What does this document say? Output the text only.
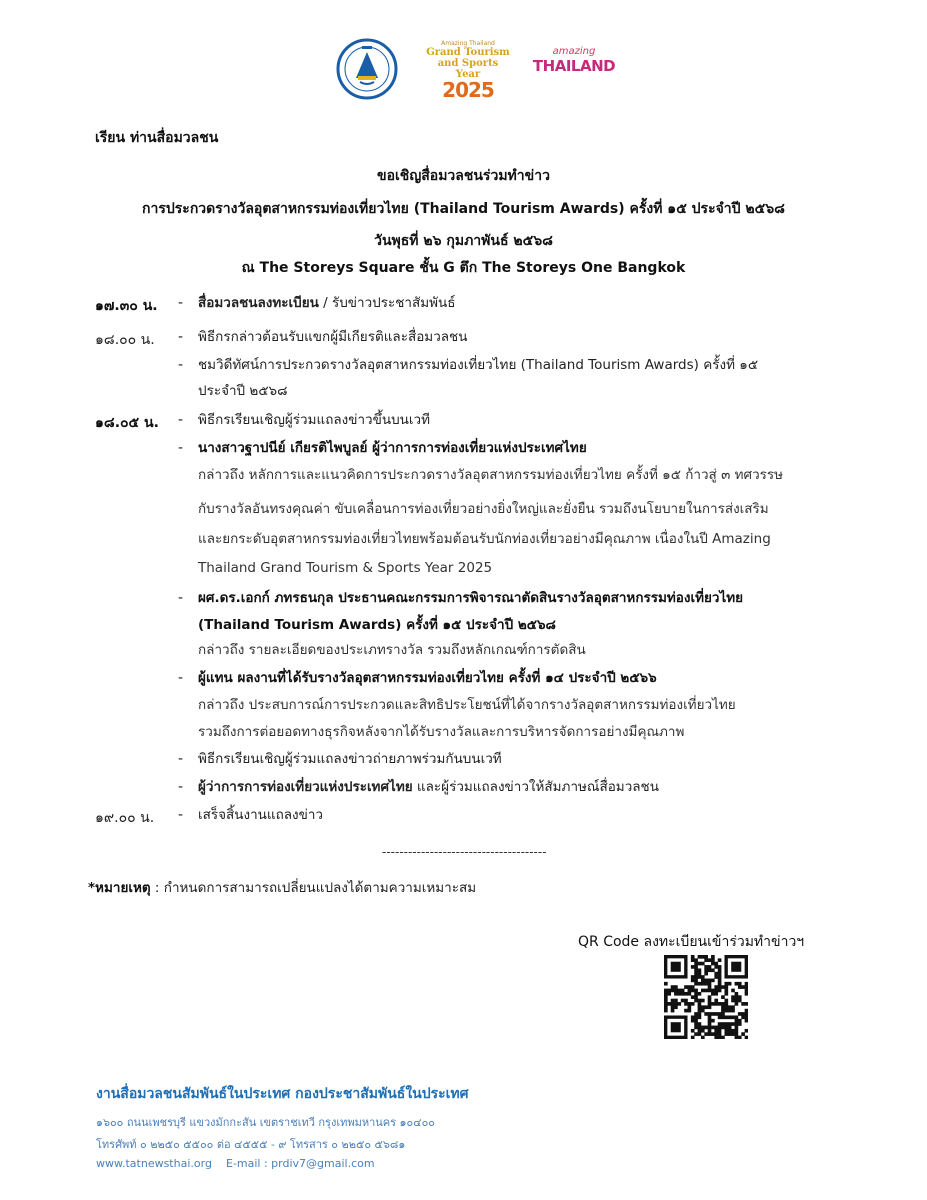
Amazing Thailand
Grand Tourism
and Sports Year
2025
amazing
THAILAND
เรียน ท่านสื่อมวลชน
ขอเชิญสื่อมวลชนร่วมทำข่าว
การประกวดรางวัลอุตสาหกรรมท่องเที่ยวไทย (Thailand Tourism Awards) ครั้งที่ ๑๕ ประจำปี ๒๕๖๘
วันพุธที่ ๒๖ กุมภาพันธ์ ๒๕๖๘
ณ The Storeys Square ชั้น G ตึก The Storeys One Bangkok
๑๗.๓๐ น.	- สื่อมวลชนลงทะเบียน / รับข่าวประชาสัมพันธ์
๑๘.๐๐ น.	- พิธีกรกล่าวต้อนรับแขกผู้มีเกียรติและสื่อมวลชน
- ชมวิดีทัศน์การประกวดรางวัลอุตสาหกรรมท่องเที่ยวไทย (Thailand Tourism Awards) ครั้งที่ ๑๕
ประจำปี ๒๕๖๘
๑๘.๐๕ น.	- พิธีกรเรียนเชิญผู้ร่วมแถลงข่าวขึ้นบนเวที
- นางสาวฐาปนีย์ เกียรติไพบูลย์ ผู้ว่าการการท่องเที่ยวแห่งประเทศไทย
กล่าวถึง หลักการและแนวคิดการประกวดรางวัลอุตสาหกรรมท่องเที่ยวไทย ครั้งที่ ๑๕ ก้าวสู่ ๓ ทศวรรษ
กับรางวัลอันทรงคุณค่า ขับเคลื่อนการท่องเที่ยวอย่างยิ่งใหญ่และยั่งยืน รวมถึงนโยบายในการส่งเสริม
และยกระดับอุตสาหกรรมท่องเที่ยวไทยพร้อมต้อนรับนักท่องเที่ยวอย่างมีคุณภาพ เนื่องในปี Amazing
Thailand Grand Tourism & Sports Year 2025
- ผศ.ดร.เอกก์ ภทรธนกุล ประธานคณะกรรมการพิจารณาตัดสินรางวัลอุตสาหกรรมท่องเที่ยวไทย
(Thailand Tourism Awards) ครั้งที่ ๑๕ ประจำปี ๒๕๖๘
กล่าวถึง รายละเอียดของประเภทรางวัล รวมถึงหลักเกณฑ์การตัดสิน
- ผู้แทน ผลงานที่ได้รับรางวัลอุตสาหกรรมท่องเที่ยวไทย ครั้งที่ ๑๔ ประจำปี ๒๕๖๖
กล่าวถึง ประสบการณ์การประกวดและสิทธิประโยชน์ที่ได้จากรางวัลอุตสาหกรรมท่องเที่ยวไทย
รวมถึงการต่อยอดทางธุรกิจหลังจากได้รับรางวัลและการบริหารจัดการอย่างมีคุณภาพ
- พิธีกรเรียนเชิญผู้ร่วมแถลงข่าวถ่ายภาพร่วมกันบนเวที
- ผู้ว่าการการท่องเที่ยวแห่งประเทศไทย และผู้ร่วมแถลงข่าวให้สัมภาษณ์สื่อมวลชน
๑๙.๐๐ น.	- เสร็จสิ้นงานแถลงข่าว
--------------------------------------
*หมายเหตุ : กำหนดการสามารถเปลี่ยนแปลงได้ตามความเหมาะสม
QR Code ลงทะเบียนเข้าร่วมทำข่าวฯ
งานสื่อมวลชนสัมพันธ์ในประเทศ กองประชาสัมพันธ์ในประเทศ
๑๖๐๐ ถนนเพชรบุรี แขวงมักกะสัน เขตราชเทวี กรุงเทพมหานคร ๑๐๔๐๐
โทรศัพท์ ๐ ๒๒๕๐ ๕๕๐๐ ต่อ ๔๕๕๕ - ๙ โทรสาร ๐ ๒๒๕๐ ๕๖๘๑
www.tatnewsthai.org E-mail : prdiv7@gmail.com
